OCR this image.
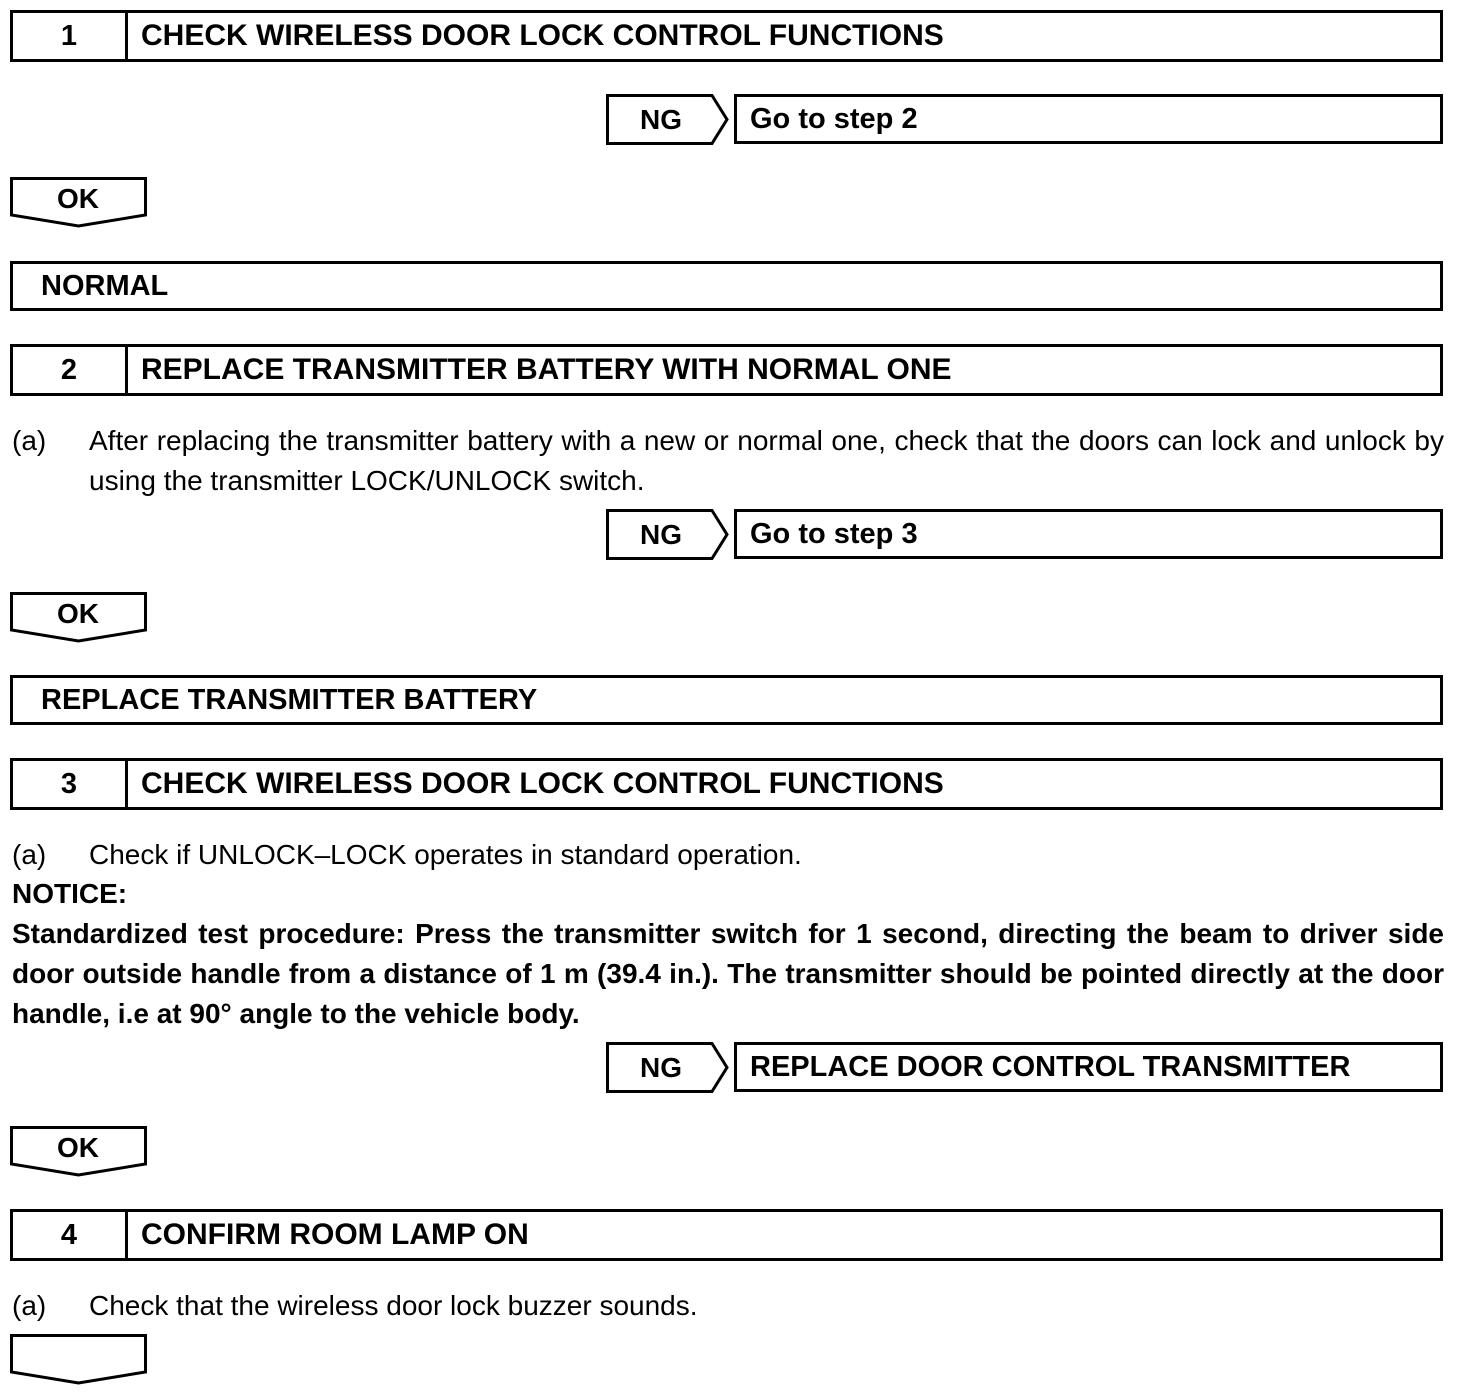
1	CHECK WIRELESS DOOR LOCK CONTROL FUNCTIONS
NG	Go to step 2
OK
NORMAL
2	REPLACE TRANSMITTER BATTERY WITH NORMAL ONE
(a) After replacing the transmitter battery with a new or normal one, check that the doors can lock and unlock by using the transmitter LOCK/UNLOCK switch.
NG	Go to step 3
OK
REPLACE TRANSMITTER BATTERY
3	CHECK WIRELESS DOOR LOCK CONTROL FUNCTIONS
(a) Check if UNLOCK–LOCK operates in standard operation.
NOTICE:
Standardized test procedure: Press the transmitter switch for 1 second, directing the beam to driver side door outside handle from a distance of 1 m (39.4 in.). The transmitter should be pointed directly at the door handle, i.e at 90° angle to the vehicle body.
NG	REPLACE DOOR CONTROL TRANSMITTER
OK
4	CONFIRM ROOM LAMP ON
(a) Check that the wireless door lock buzzer sounds.
